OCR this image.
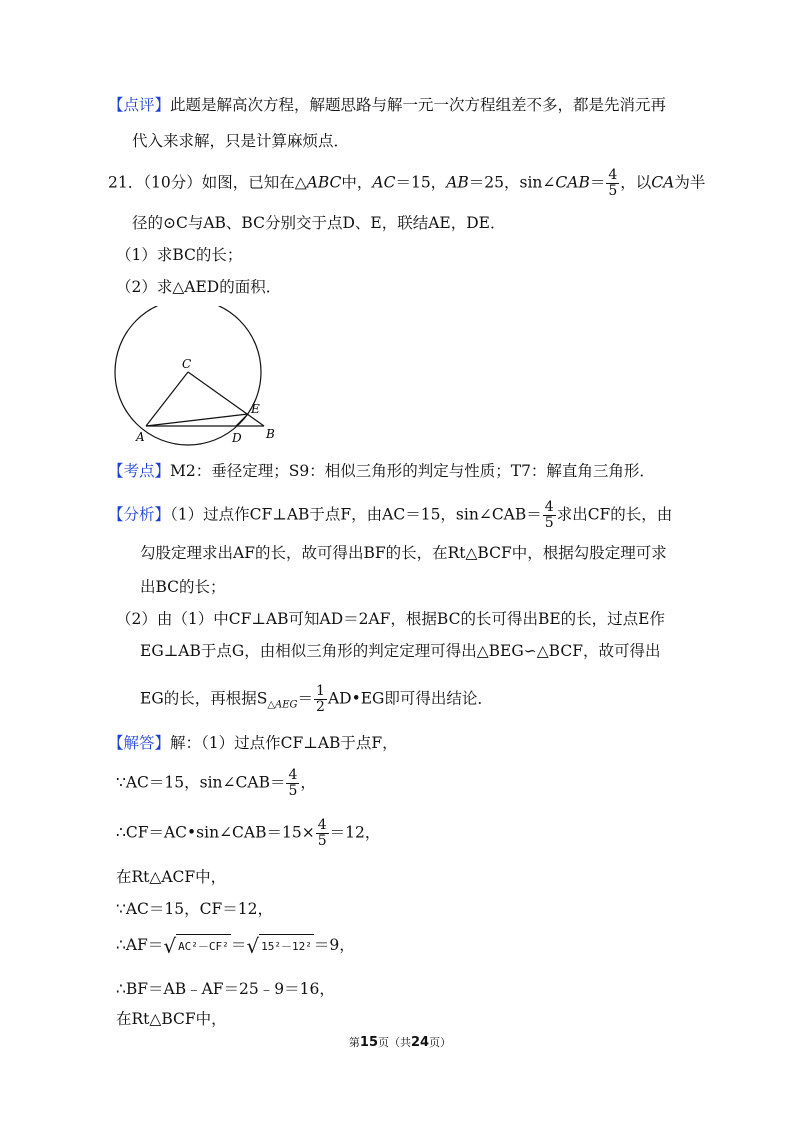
【点评】此题是解高次方程，解题思路与解一元一次方程组差不多，都是先消元再
代入来求解，只是计算麻烦点．
21．（10分）如图，已知在△ABC中，AC＝15，AB＝25，sin∠CAB＝ $\frac{4}{5}$ ，以CA为半
径的⊙C与AB、BC分别交于点D、E，联结AE，DE．
（1）求BC的长；
（2）求△AED的面积．
A	B
C
D
E
【考点】M2：垂径定理；S9：相似三角形的判定与性质；T7：解直角三角形．
【分析】（1）过点作CF⊥AB于点F，由AC＝15，sin∠CAB＝ $\frac{4}{5}$ 求出CF的长，由
勾股定理求出AF的长，故可得出BF的长，在Rt△BCF中，根据勾股定理可求
出BC的长；
（2）由（1）中CF⊥AB可知AD＝2AF，根据BC的长可得出BE的长，过点E作
EG⊥AB于点G，由相似三角形的判定定理可得出△BEG∽△BCF，故可得出
EG的长，再根据$S_{\triangle AEG}= \frac{1}{2}$ AD•EG即可得出结论．
【解答】解：（1）过点作CF⊥AB于点F，
∵AC＝15，sin∠CAB＝ $\frac{4}{5}$ ，
∴CF＝AC•sin∠CAB＝15× $\frac{4}{5} =12$，
在Rt△ACF中，
∵AC＝15，CF＝12，
∴AF＝√ AC²－CF² ＝√ 15²－12² ＝9，
∴BF＝AB﹣AF＝25﹣9＝16，
在Rt△BCF中，
第15页（共24页）
